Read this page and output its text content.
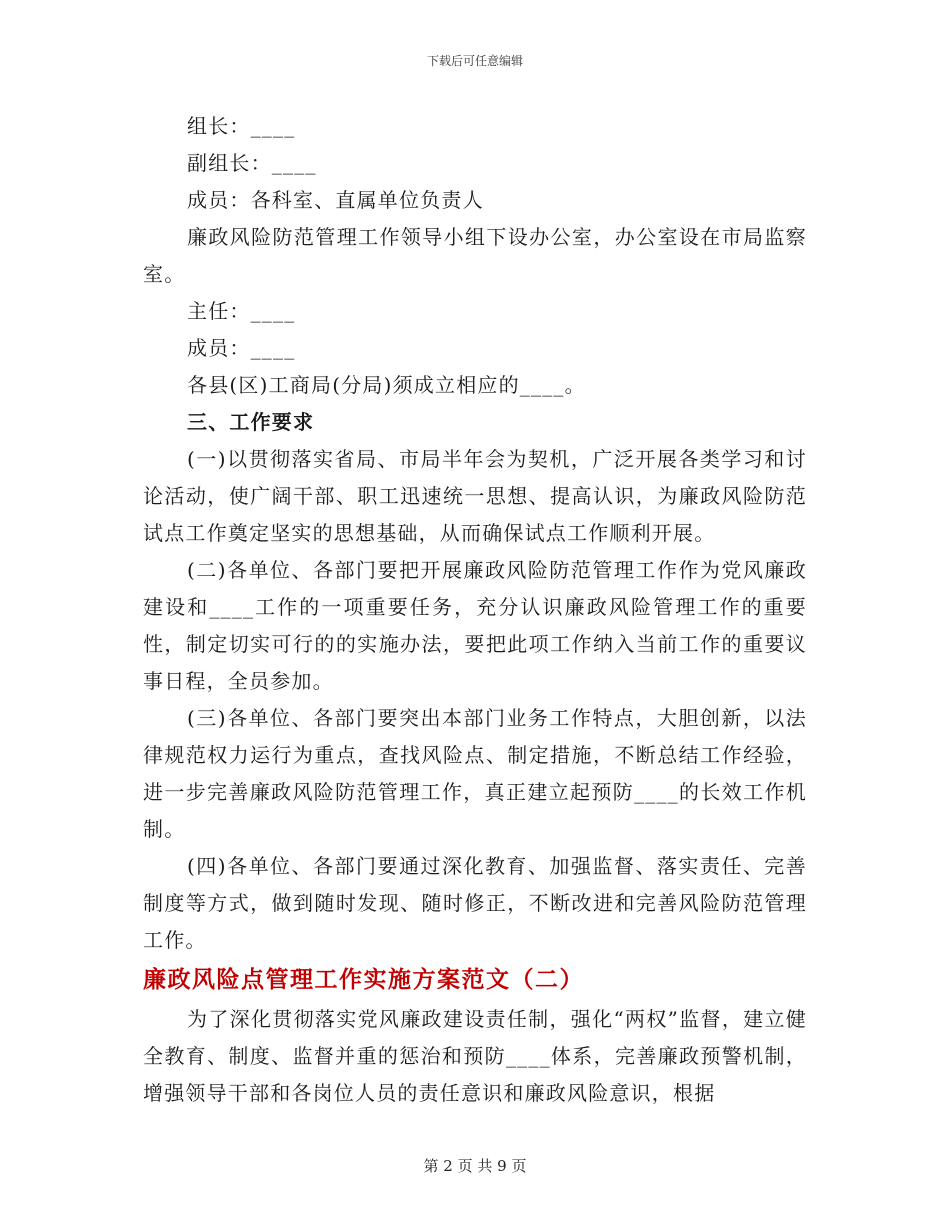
下载后可任意编辑

组长：____

副组长：____

成员：各科室、直属单位负责人

廉政风险防范管理工作领导小组下设办公室，办公室设在市局监察室。

主任：____

成员：____

各县(区)工商局(分局)须成立相应的____。

三、工作要求

(一)以贯彻落实省局、市局半年会为契机，广泛开展各类学习和讨论活动，使广阔干部、职工迅速统一思想、提高认识，为廉政风险防范试点工作奠定坚实的思想基础，从而确保试点工作顺利开展。

(二)各单位、各部门要把开展廉政风险防范管理工作作为党风廉政建设和____工作的一项重要任务，充分认识廉政风险管理工作的重要性，制定切实可行的的实施办法，要把此项工作纳入当前工作的重要议事日程，全员参加。

(三)各单位、各部门要突出本部门业务工作特点，大胆创新，以法律规范权力运行为重点，查找风险点、制定措施，不断总结工作经验，进一步完善廉政风险防范管理工作，真正建立起预防____的长效工作机制。

(四)各单位、各部门要通过深化教育、加强监督、落实责任、完善制度等方式，做到随时发现、随时修正，不断改进和完善风险防范管理工作。

廉政风险点管理工作实施方案范文（二）

为了深化贯彻落实党风廉政建设责任制，强化“两权”监督，建立健全教育、制度、监督并重的惩治和预防____体系，完善廉政预警机制，增强领导干部和各岗位人员的责任意识和廉政风险意识，根据

第 2 页 共 9 页
